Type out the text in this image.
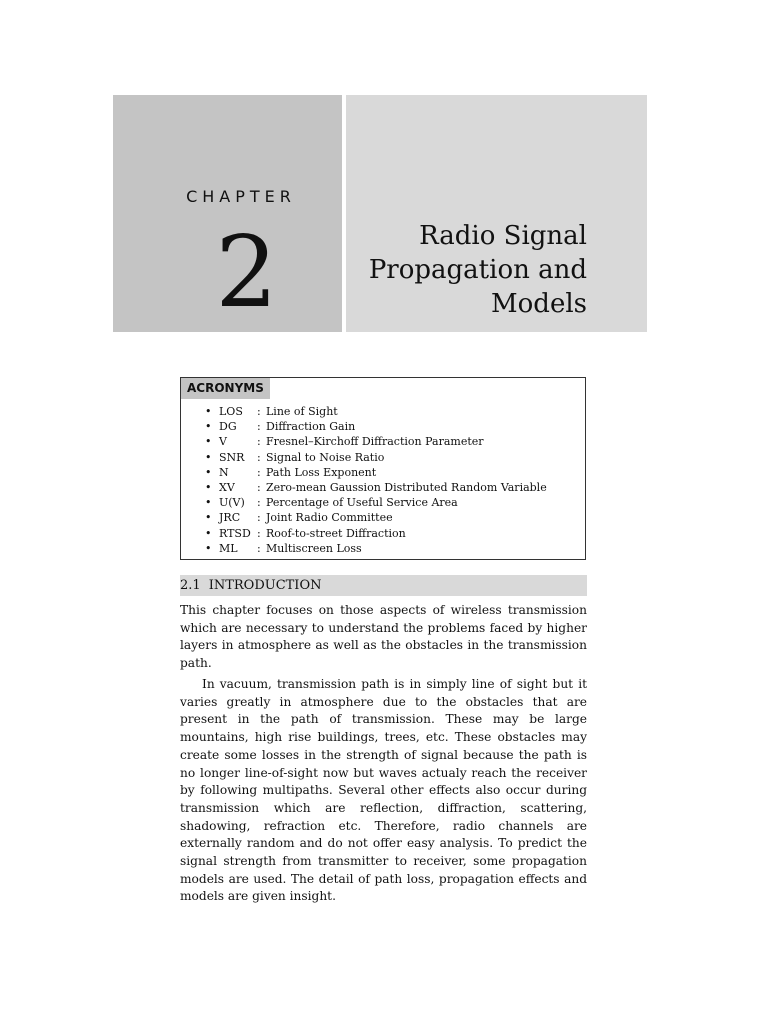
CHAPTER
2	Radio Signal
Propagation and
Models
ACRONYMS
• LOS	: Line of Sight
• DG	: Diffraction Gain
• V	: Fresnel–Kirchoff Diffraction Parameter
• SNR	: Signal to Noise Ratio
• N	: Path Loss Exponent
• XV	: Zero-mean Gaussion Distributed Random Variable
• U(V)	: Percentage of Useful Service Area
• JRC	: Joint Radio Committee
• RTSD : Roof-to-street Diffraction
• ML	: Multiscreen Loss
2.1 INTRODUCTION

This chapter focuses on those aspects of wireless transmission which are necessary to understand the problems faced by higher layers in atmosphere as well as the obstacles in the transmission path.

In vacuum, transmission path is in simply line of sight but it varies greatly in atmosphere due to the obstacles that are present in the path of transmission. These may be large mountains, high rise buildings, trees, etc. These obstacles may create some losses in the strength of signal because the path is no longer line-of-sight now but waves actualy reach the receiver by following multipaths. Several other effects also occur during transmission which are reflection, diffraction, scattering, shadowing, refraction etc. Therefore, radio channels are externally random and do not offer easy analysis. To predict the signal strength from transmitter to receiver, some propagation models are used. The detail of path loss, propagation effects and models are given insight.
